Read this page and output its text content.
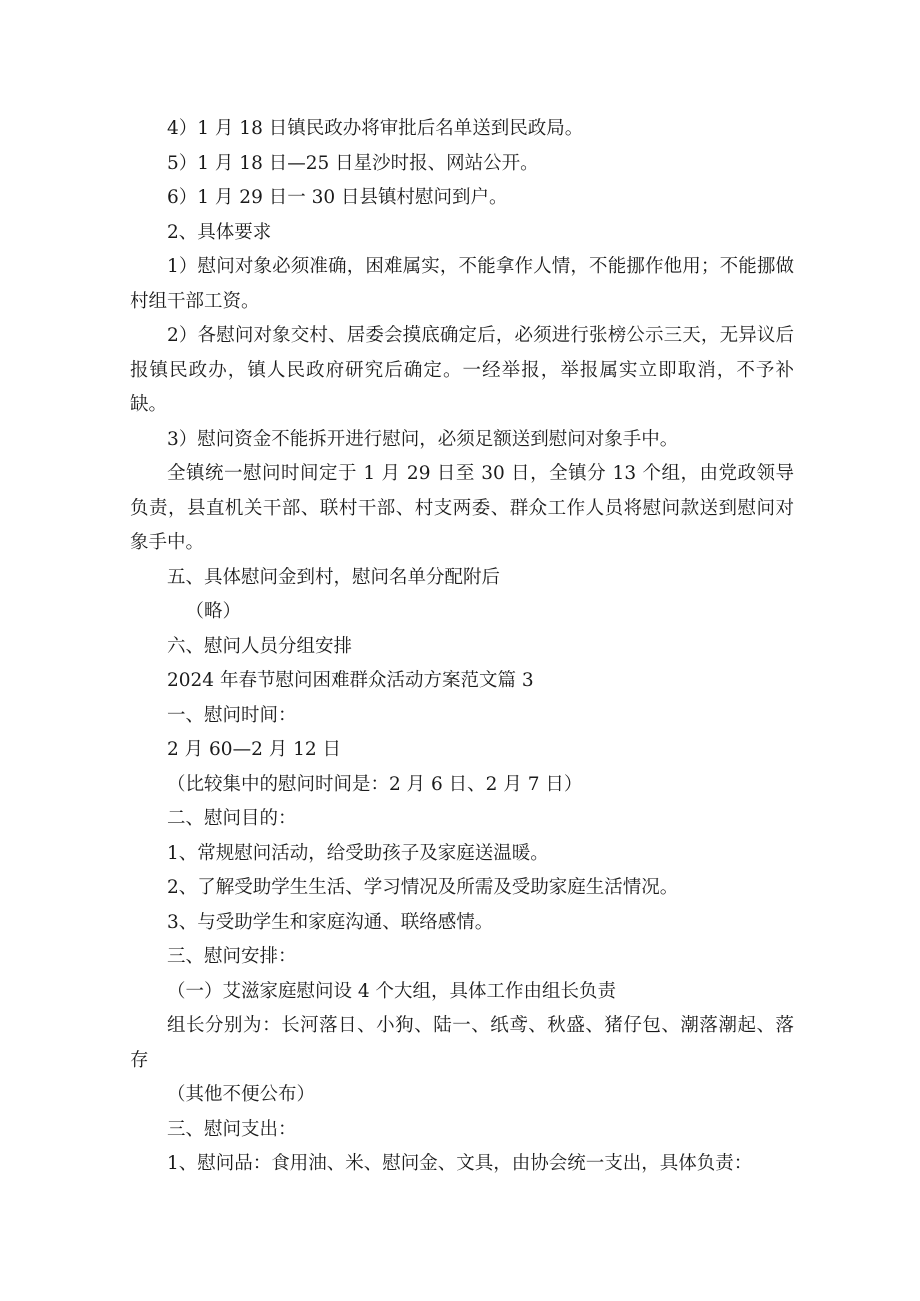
4）1 月 18 日镇民政办将审批后名单送到民政局。

5）1 月 18 日—25 日星沙时报、网站公开。

6）1 月 29 日一 30 日县镇村慰问到户。

2、具体要求

1）慰问对象必须准确，困难属实，不能拿作人情，不能挪作他用；不能挪做村组干部工资。

2）各慰问对象交村、居委会摸底确定后，必须进行张榜公示三天，无异议后报镇民政办，镇人民政府研究后确定。一经举报，举报属实立即取消，不予补缺。

3）慰问资金不能拆开进行慰问，必须足额送到慰问对象手中。

全镇统一慰问时间定于 1 月 29 日至 30 日，全镇分 13 个组，由党政领导负责，县直机关干部、联村干部、村支两委、群众工作人员将慰问款送到慰问对象手中。

五、具体慰问金到村，慰问名单分配附后

（略）

六、慰问人员分组安排

2024 年春节慰问困难群众活动方案范文篇 3

一、慰问时间：

2 月 60—2 月 12 日

（比较集中的慰问时间是：2 月 6 日、2 月 7 日）

二、慰问目的：

1、常规慰问活动，给受助孩子及家庭送温暖。

2、了解受助学生生活、学习情况及所需及受助家庭生活情况。

3、与受助学生和家庭沟通、联络感情。

三、慰问安排：

（一）艾滋家庭慰问设 4 个大组，具体工作由组长负责

组长分别为：长河落日、小狗、陆一、纸鸢、秋盛、猪仔包、潮落潮起、落存

（其他不便公布）

三、慰问支出：

1、慰问品：食用油、米、慰问金、文具，由协会统一支出，具体负责：
